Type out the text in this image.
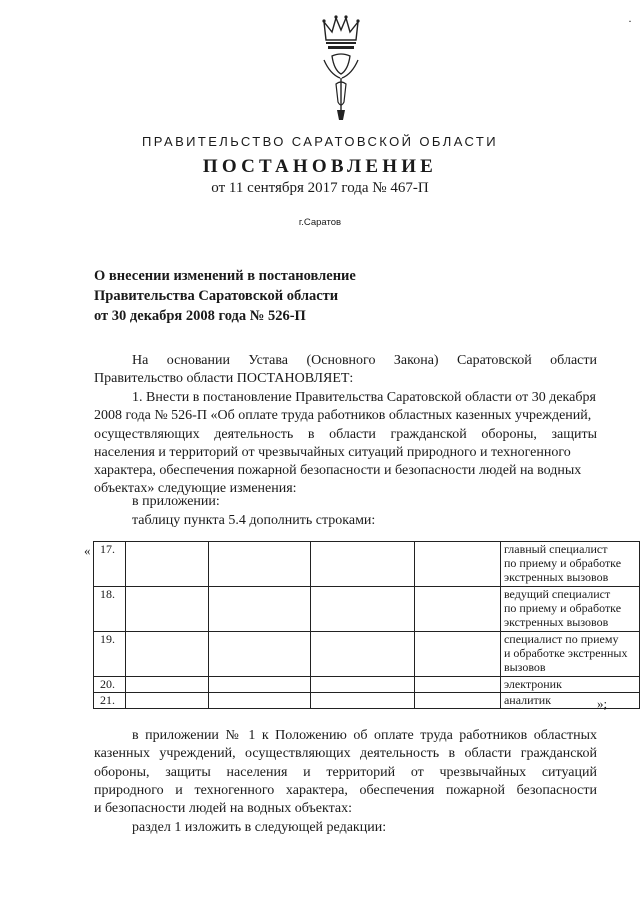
·
ПРАВИТЕЛЬСТВО САРАТОВСКОЙ ОБЛАСТИ
ПОСТАНОВЛЕНИЕ
от 11 сентября 2017 года № 467-П
г.Саратов
О внесении изменений в постановление
Правительства Саратовской области
от 30 декабря 2008 года № 526-П
На основании Устава (Основного Закона) Саратовской области
Правительство области ПОСТАНОВЛЯЕТ:
1. Внести в постановление Правительства Саратовской области от 30 декабря
2008 года № 526-П «Об оплате труда работников областных казенных учреждений,
осуществляющих деятельность в области гражданской обороны, защиты
населения и территорий от чрезвычайных ситуаций природного и техногенного
характера, обеспечения пожарной безопасности и безопасности людей на водных
объектах» следующие изменения:
в приложении:
таблицу пункта 5.4 дополнить строками:
« 17.					главный специалист
по приему и обработке
экстренных вызовов

18.					ведущий специалист
по приему и обработке
экстренных вызовов

19.					специалист по приему
и обработке экстренных
вызовов

20.					электроник

21.					аналитик	»;
в приложении № 1 к Положению об оплате труда работников областных
казенных учреждений, осуществляющих деятельность в области гражданской
обороны, защиты населения и территорий от чрезвычайных ситуаций
природного и техногенного характера, обеспечения пожарной безопасности
и безопасности людей на водных объектах:
раздел 1 изложить в следующей редакции:
